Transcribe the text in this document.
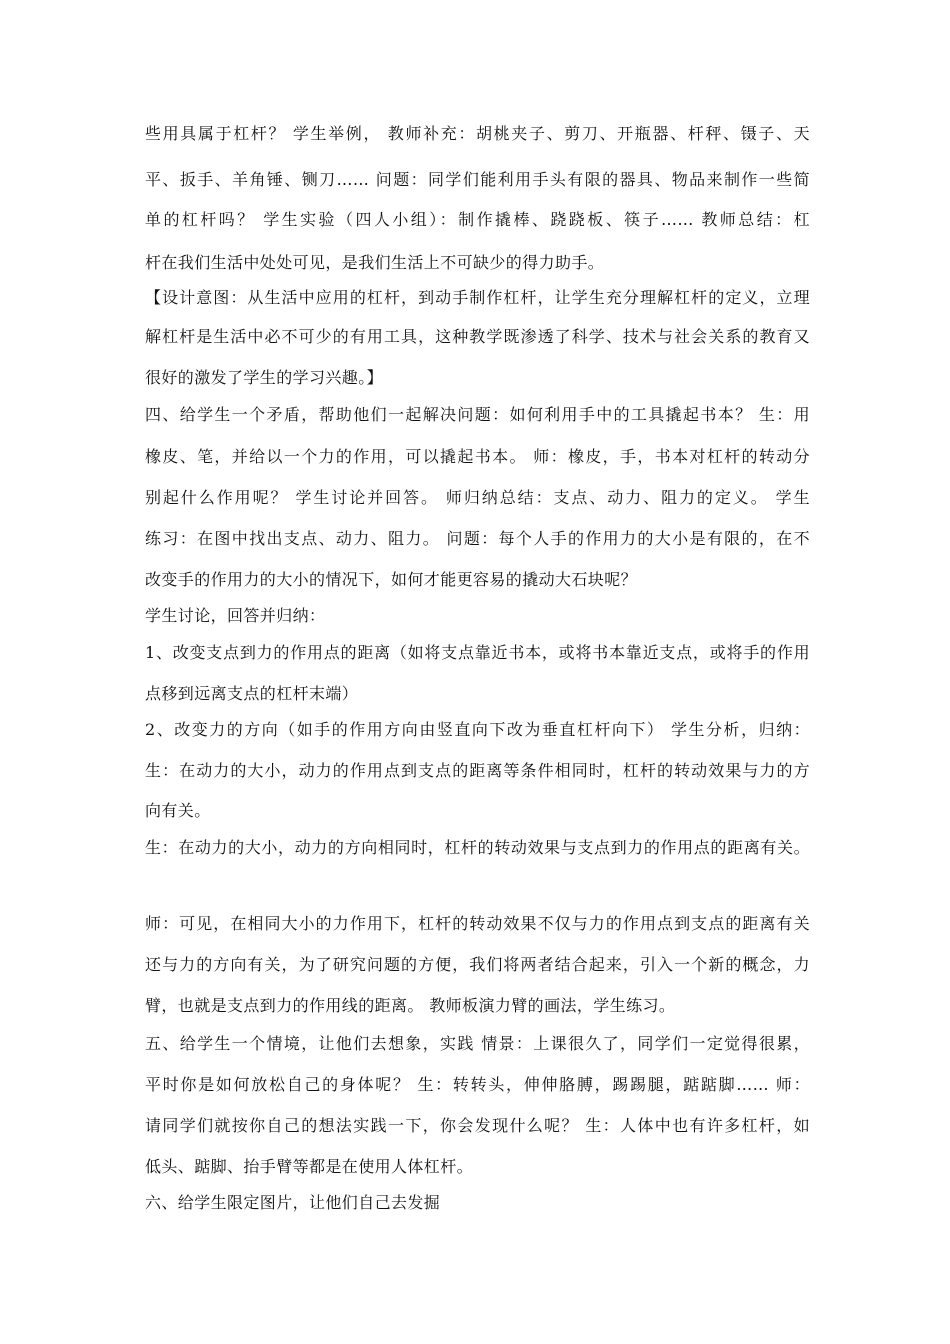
些用具属于杠杆？ 学生举例， 教师补充：胡桃夹子、剪刀、开瓶器、杆秤、镊子、天
平、扳手、羊角锤、铡刀…… 问题：同学们能利用手头有限的器具、物品来制作一些简
单的杠杆吗？ 学生实验（四人小组）：制作撬棒、跷跷板、筷子…… 教师总结：杠
杆在我们生活中处处可见，是我们生活上不可缺少的得力助手。
【设计意图：从生活中应用的杠杆，到动手制作杠杆，让学生充分理解杠杆的定义，立理
解杠杆是生活中必不可少的有用工具，这种教学既渗透了科学、技术与社会关系的教育又
很好的激发了学生的学习兴趣。】
四、给学生一个矛盾，帮助他们一起解决问题：如何利用手中的工具撬起书本？ 生：用
橡皮、笔，并给以一个力的作用，可以撬起书本。 师：橡皮，手，书本对杠杆的转动分
别起什么作用呢？ 学生讨论并回答。 师归纳总结：支点、动力、阻力的定义。 学生
练习：在图中找出支点、动力、阻力。 问题：每个人手的作用力的大小是有限的，在不
改变手的作用力的大小的情况下，如何才能更容易的撬动大石块呢？
学生讨论，回答并归纳：
1、改变支点到力的作用点的距离（如将支点靠近书本，或将书本靠近支点，或将手的作用
点移到远离支点的杠杆末端）
2、改变力的方向（如手的作用方向由竖直向下改为垂直杠杆向下） 学生分析，归纳：
生：在动力的大小，动力的作用点到支点的距离等条件相同时，杠杆的转动效果与力的方
向有关。
生：在动力的大小，动力的方向相同时，杠杆的转动效果与支点到力的作用点的距离有关。
师：可见，在相同大小的力作用下，杠杆的转动效果不仅与力的作用点到支点的距离有关
还与力的方向有关，为了研究问题的方便，我们将两者结合起来，引入一个新的概念，力
臂，也就是支点到力的作用线的距离。 教师板演力臂的画法，学生练习。
五、给学生一个情境，让他们去想象，实践 情景：上课很久了，同学们一定觉得很累，
平时你是如何放松自己的身体呢？ 生：转转头，伸伸胳膊，踢踢腿，踮踮脚…… 师：
请同学们就按你自己的想法实践一下，你会发现什么呢？ 生：人体中也有许多杠杆，如
低头、踮脚、抬手臂等都是在使用人体杠杆。
六、给学生限定图片，让他们自己去发掘
